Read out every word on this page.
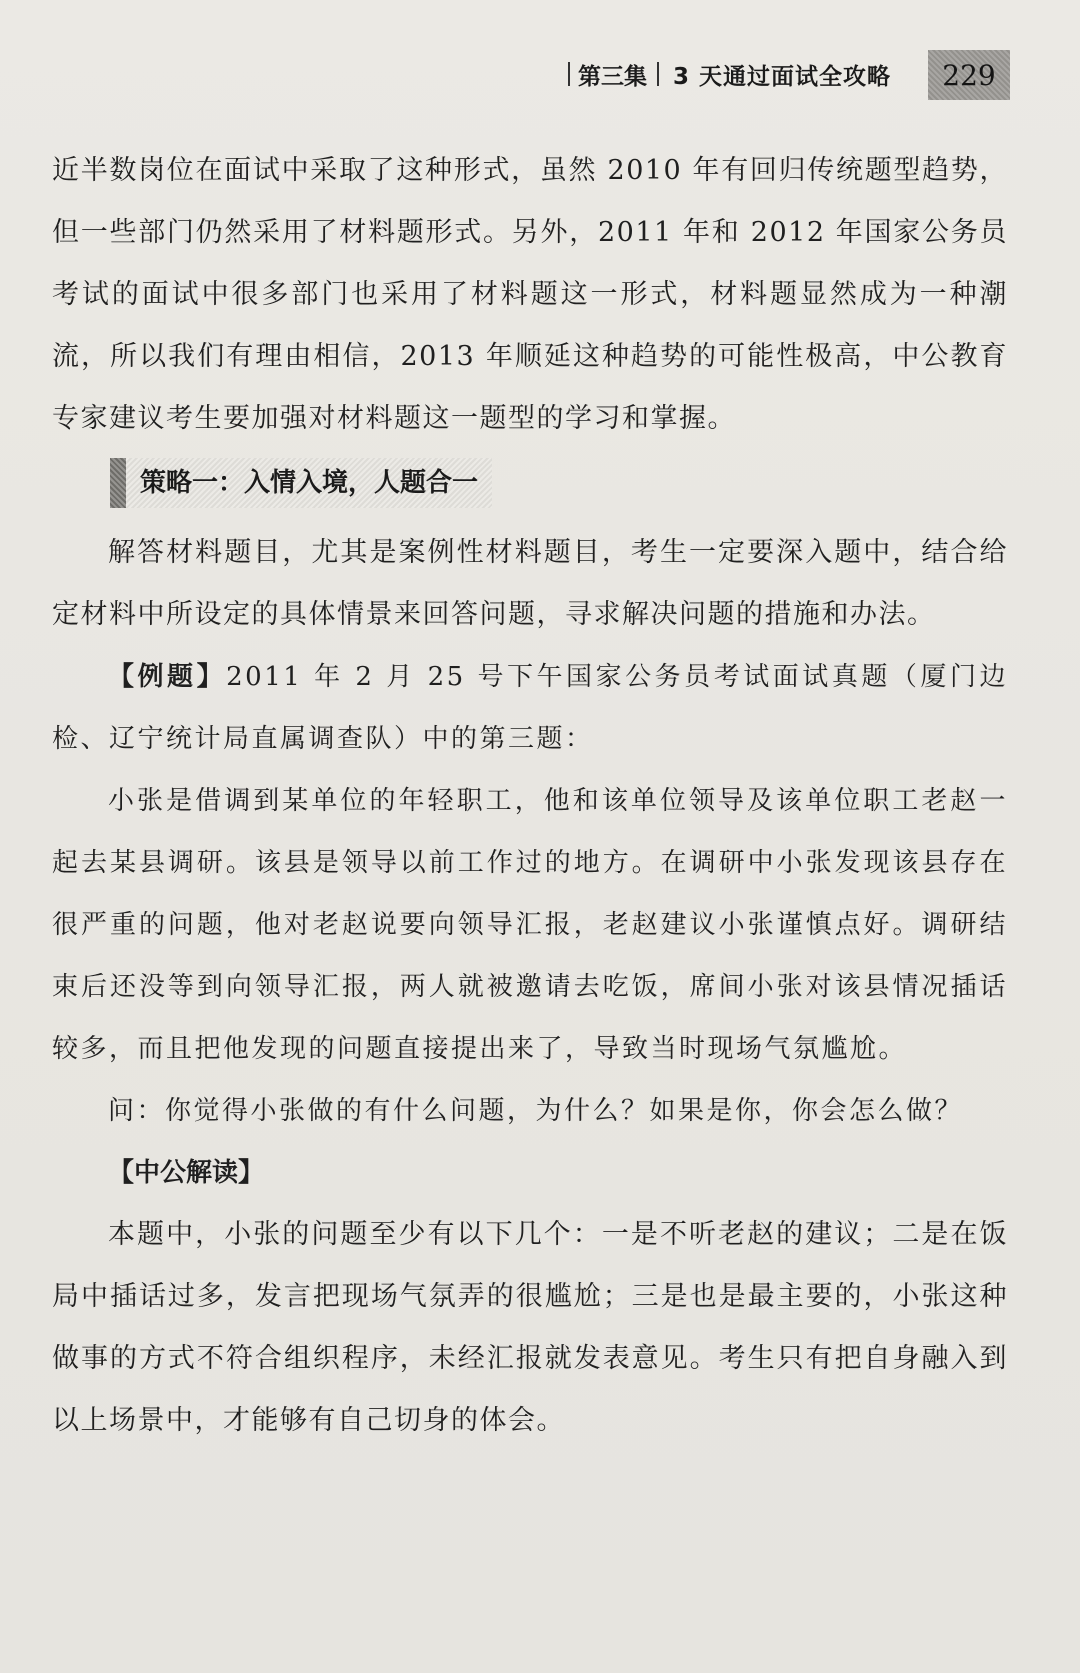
第三集 3 天通过面试全攻略	229

近半数岗位在面试中采取了这种形式，虽然 2010 年有回归传统题型趋势，但一些部门仍然采用了材料题形式。另外，2011 年和 2012 年国家公务员考试的面试中很多部门也采用了材料题这一形式，材料题显然成为一种潮流，所以我们有理由相信，2013 年顺延这种趋势的可能性极高，中公教育专家建议考生要加强对材料题这一题型的学习和掌握。

策略一：入情入境，人题合一

解答材料题目，尤其是案例性材料题目，考生一定要深入题中，结合给定材料中所设定的具体情景来回答问题，寻求解决问题的措施和办法。

【例题】2011 年 2 月 25 号下午国家公务员考试面试真题（厦门边检、辽宁统计局直属调查队）中的第三题：

小张是借调到某单位的年轻职工，他和该单位领导及该单位职工老赵一起去某县调研。该县是领导以前工作过的地方。在调研中小张发现该县存在很严重的问题，他对老赵说要向领导汇报，老赵建议小张谨慎点好。调研结束后还没等到向领导汇报，两人就被邀请去吃饭，席间小张对该县情况插话较多，而且把他发现的问题直接提出来了，导致当时现场气氛尴尬。

问：你觉得小张做的有什么问题，为什么？如果是你，你会怎么做？

【中公解读】

本题中，小张的问题至少有以下几个：一是不听老赵的建议；二是在饭局中插话过多，发言把现场气氛弄的很尴尬；三是也是最主要的，小张这种做事的方式不符合组织程序，未经汇报就发表意见。考生只有把自身融入到以上场景中，才能够有自己切身的体会。
